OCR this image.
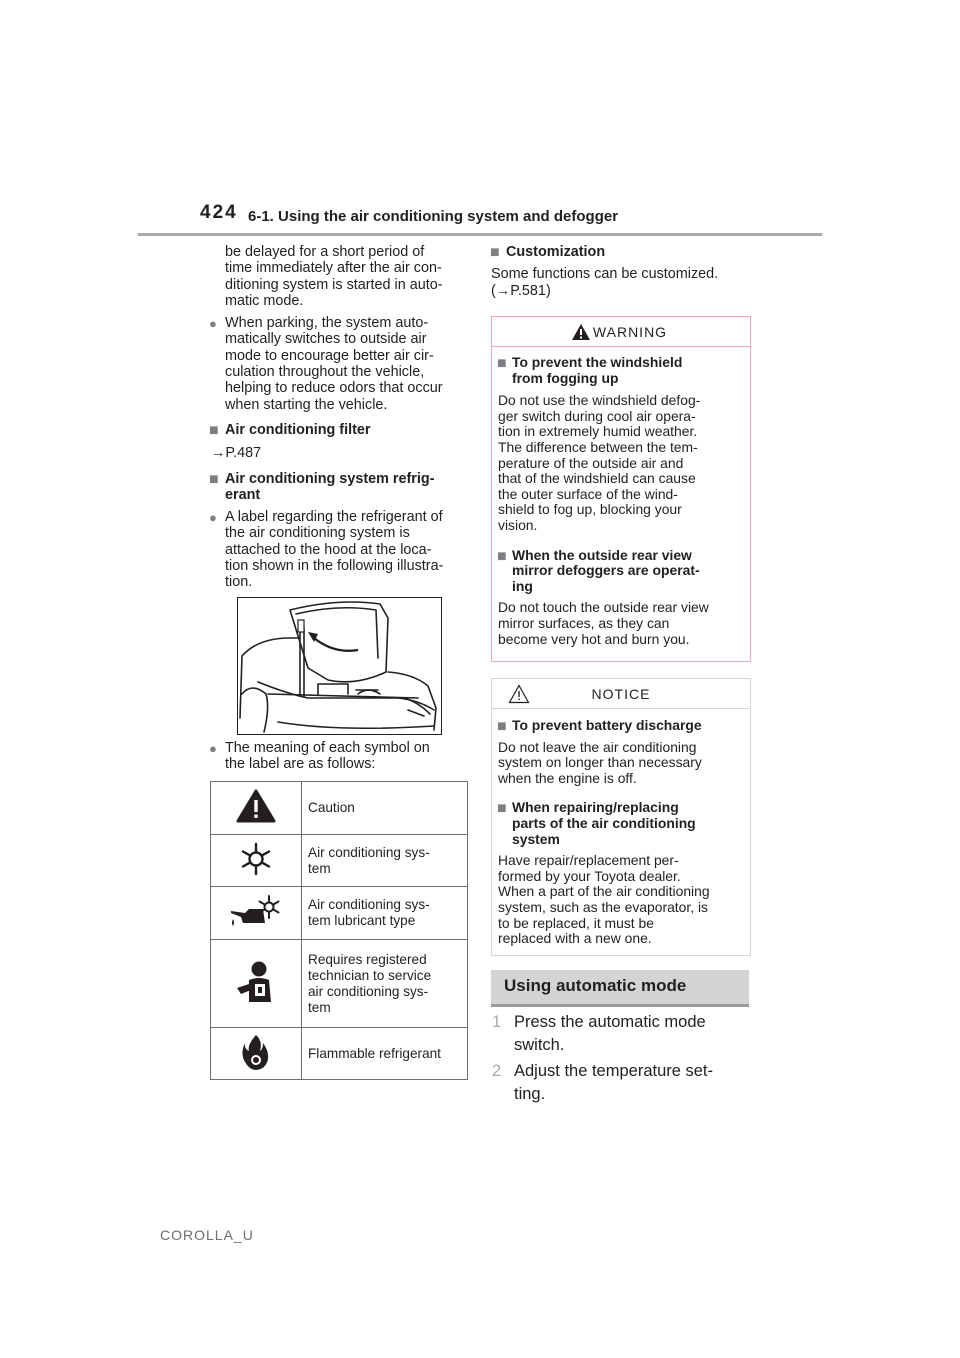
424 6-1. Using the air conditioning system and defogger

be delayed for a short period of

time immediately after the air con-

ditioning system is started in auto-

matic mode.

● When parking, the system auto-

matically switches to outside air

mode to encourage better air cir-

culation throughout the vehicle,

helping to reduce odors that occur

when starting the vehicle.

■ Air conditioning filter

→P.487

■ Air conditioning system refrig-

erant

● A label regarding the refrigerant of

the air conditioning system is

attached to the hood at the loca-

tion shown in the following illustra-

tion.

● The meaning of each symbol on

the label are as follows:

Caution

Air conditioning sys-
tem

Air conditioning sys-
tem lubricant type

Requires registered
technician to service
air conditioning sys-
tem

Flammable refrigerant
■ Customization

Some functions can be customized.

(→P.581)

WARNING
■ To prevent the windshield

from fogging up

Do not use the windshield defog-

ger switch during cool air opera-

tion in extremely humid weather.

The difference between the tem-

perature of the outside air and

that of the windshield can cause

the outer surface of the wind-

shield to fog up, blocking your

vision.

■ When the outside rear view

mirror defoggers are operat-

ing

Do not touch the outside rear view

mirror surfaces, as they can

become very hot and burn you.

NOTICE
■ To prevent battery discharge

Do not leave the air conditioning

system on longer than necessary

when the engine is off.

■ When repairing/replacing

parts of the air conditioning

system

Have repair/replacement per-

formed by your Toyota dealer.

When a part of the air conditioning

system, such as the evaporator, is

to be replaced, it must be

replaced with a new one.

Using automatic mode
1 Press the automatic mode
switch.
2 Adjust the temperature set-
ting.
COROLLA_U
